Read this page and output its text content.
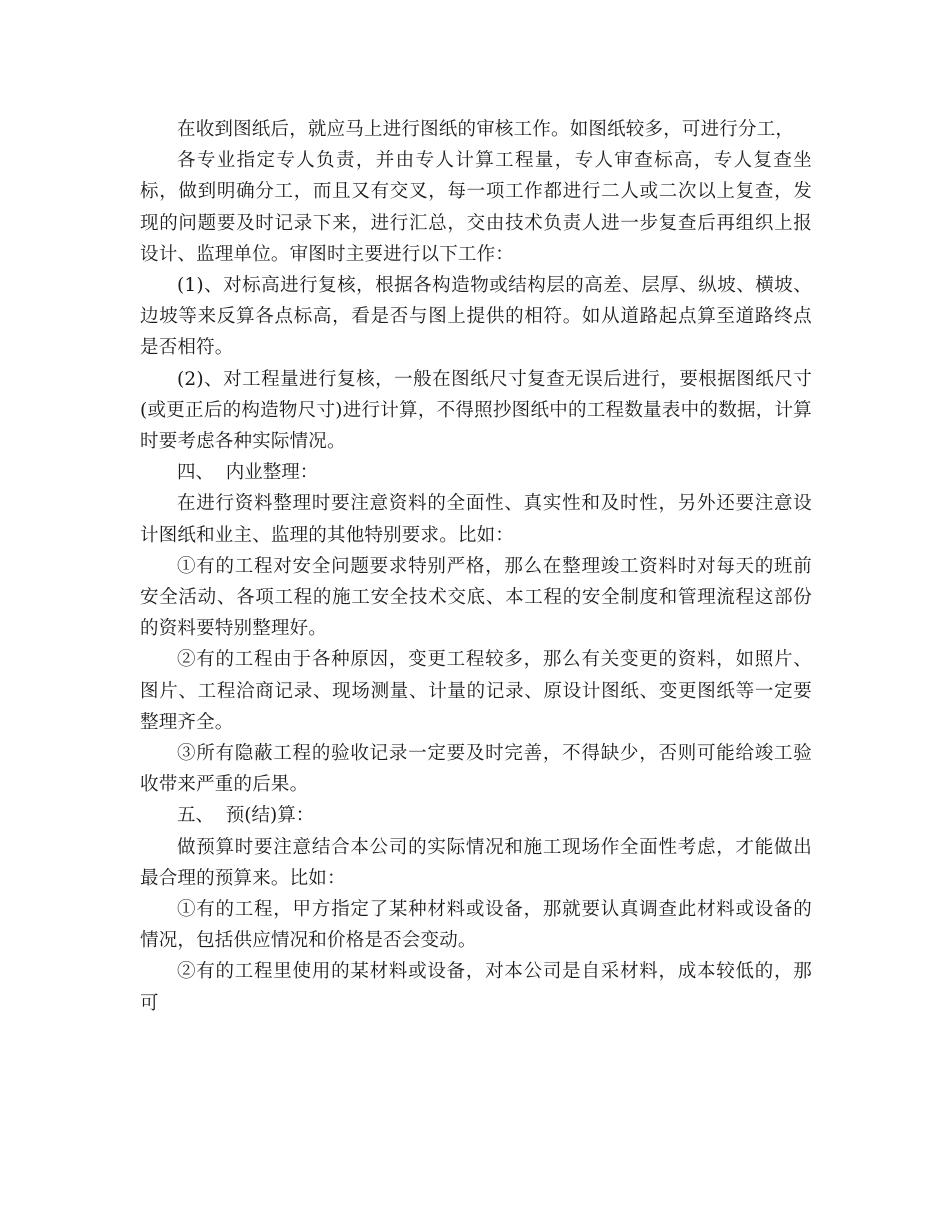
在收到图纸后，就应马上进行图纸的审核工作。如图纸较多，可进行分工，

各专业指定专人负责，并由专人计算工程量，专人审查标高，专人复查坐标，做到明确分工，而且又有交叉，每一项工作都进行二人或二次以上复查，发现的问题要及时记录下来，进行汇总，交由技术负责人进一步复查后再组织上报设计、监理单位。审图时主要进行以下工作：

(1)、对标高进行复核，根据各构造物或结构层的高差、层厚、纵坡、横坡、边坡等来反算各点标高，看是否与图上提供的相符。如从道路起点算至道路终点是否相符。

(2)、对工程量进行复核，一般在图纸尺寸复查无误后进行，要根据图纸尺寸(或更正后的构造物尺寸)进行计算，不得照抄图纸中的工程数量表中的数据，计算时要考虑各种实际情况。

四、  内业整理：

在进行资料整理时要注意资料的全面性、真实性和及时性，另外还要注意设计图纸和业主、监理的其他特别要求。比如：

①有的工程对安全问题要求特别严格，那么在整理竣工资料时对每天的班前安全活动、各项工程的施工安全技术交底、本工程的安全制度和管理流程这部份的资料要特别整理好。

②有的工程由于各种原因，变更工程较多，那么有关变更的资料，如照片、图片、工程洽商记录、现场测量、计量的记录、原设计图纸、变更图纸等一定要整理齐全。

③所有隐蔽工程的验收记录一定要及时完善，不得缺少，否则可能给竣工验收带来严重的后果。

五、  预(结)算：

做预算时要注意结合本公司的实际情况和施工现场作全面性考虑，才能做出最合理的预算来。比如：

①有的工程，甲方指定了某种材料或设备，那就要认真调查此材料或设备的情况，包括供应情况和价格是否会变动。

②有的工程里使用的某材料或设备，对本公司是自采材料，成本较低的，那可
